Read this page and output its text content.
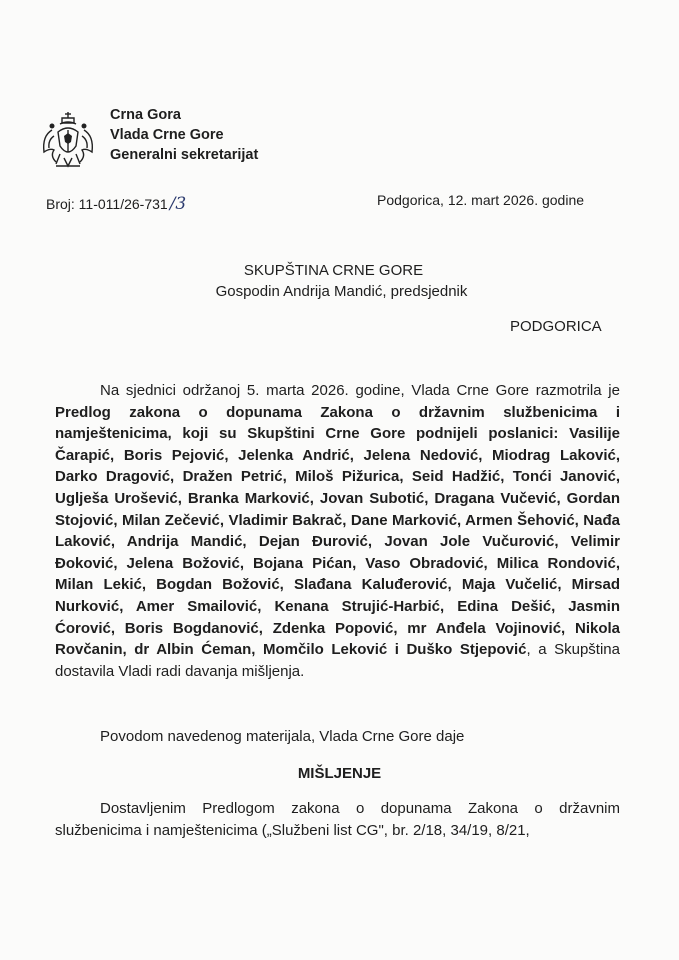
Crna Gora
Vlada Crne Gore
Generalni sekretarijat
Broj: 11-011/26-731 /3	Podgorica, 12. mart 2026. godine
SKUPŠTINA CRNE GORE
Gospodin Andrija Mandić, predsjednik
PODGORICA

Na sjednici održanoj 5. marta 2026. godine, Vlada Crne Gore razmotrila je Predlog zakona o dopunama Zakona o državnim službenicima i namještenicima, koji su Skupštini Crne Gore podnijeli poslanici: Vasilije Čarapić, Boris Pejović, Jelenka Andrić, Jelena Nedović, Miodrag Laković, Darko Dragović, Dražen Petrić, Miloš Pižurica, Seid Hadžić, Tonći Janović, Uglješa Urošević, Branka Marković, Jovan Subotić, Dragana Vučević, Gordan Stojović, Milan Zečević, Vladimir Bakrač, Dane Marković, Armen Šehović, Nađa Laković, Andrija Mandić, Dejan Đurović, Jovan Jole Vučurović, Velimir Đoković, Jelena Božović, Bojana Pićan, Vaso Obradović, Milica Rondović, Milan Lekić, Bogdan Božović, Slađana Kaluđerović, Maja Vučelić, Mirsad Nurković, Amer Smailović, Kenana Strujić-Harbić, Edina Dešić, Jasmin Ćorović, Boris Bogdanović, Zdenka Popović, mr Anđela Vojinović, Nikola Rovčanin, dr Albin Ćeman, Momčilo Leković i Duško Stjepović, a Skupština dostavila Vladi radi davanja mišljenja.

Povodom navedenog materijala, Vlada Crne Gore daje
MIŠLJENJE

Dostavljenim Predlogom zakona o dopunama Zakona o državnim službenicima i namještenicima („Službeni list CG", br. 2/18, 34/19, 8/21,
